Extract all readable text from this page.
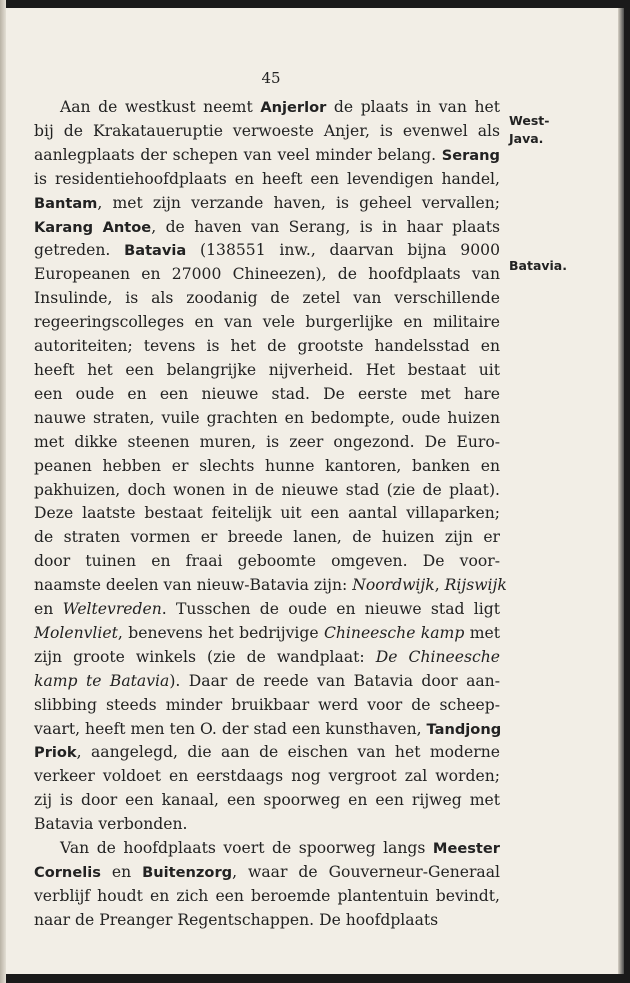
45

Aan de westkust neemt Anjerlor de plaats in van het
bij de Krakataueruptie verwoeste Anjer, is evenwel als
aanlegplaats der schepen van veel minder belang. Serang
is residentiehoofdplaats en heeft een levendigen handel,
Bantam, met zijn verzande haven, is geheel vervallen;
Karang Antoe, de haven van Serang, is in haar plaats
getreden. Batavia (138551 inw., daarvan bijna 9000
Europeanen en 27000 Chineezen), de hoofdplaats van
Insulinde, is als zoodanig de zetel van verschillende
regeeringscolleges en van vele burgerlijke en militaire
autoriteiten; tevens is het de grootste handelsstad en
heeft het een belangrijke nijverheid. Het bestaat uit
een oude en een nieuwe stad. De eerste met hare
nauwe straten, vuile grachten en bedompte, oude huizen
met dikke steenen muren, is zeer ongezond. De Euro-
peanen hebben er slechts hunne kantoren, banken en
pakhuizen, doch wonen in de nieuwe stad (zie de plaat).
Deze laatste bestaat feitelijk uit een aantal villaparken;
de straten vormen er breede lanen, de huizen zijn er
door tuinen en fraai geboomte omgeven. De voor-
naamste deelen van nieuw-Batavia zijn: Noordwijk, Rijswijk
en Weltevreden. Tusschen de oude en nieuwe stad ligt
Molenvliet, benevens het bedrijvige Chineesche kamp met
zijn groote winkels (zie de wandplaat: De Chineesche
kamp te Batavia). Daar de reede van Batavia door aan-
slibbing steeds minder bruikbaar werd voor de scheep-
vaart, heeft men ten O. der stad een kunsthaven, Tandjong
Priok, aangelegd, die aan de eischen van het moderne
verkeer voldoet en eerstdaags nog vergroot zal worden;
zij is door een kanaal, een spoorweg en een rijweg met
Batavia verbonden.

Van de hoofdplaats voert de spoorweg langs Meester
Cornelis en Buitenzorg, waar de Gouverneur-Generaal
verblijf houdt en zich een beroemde plantentuin bevindt,
naar de Preanger Regentschappen. De hoofdplaats

West-
Java.
Batavia.
